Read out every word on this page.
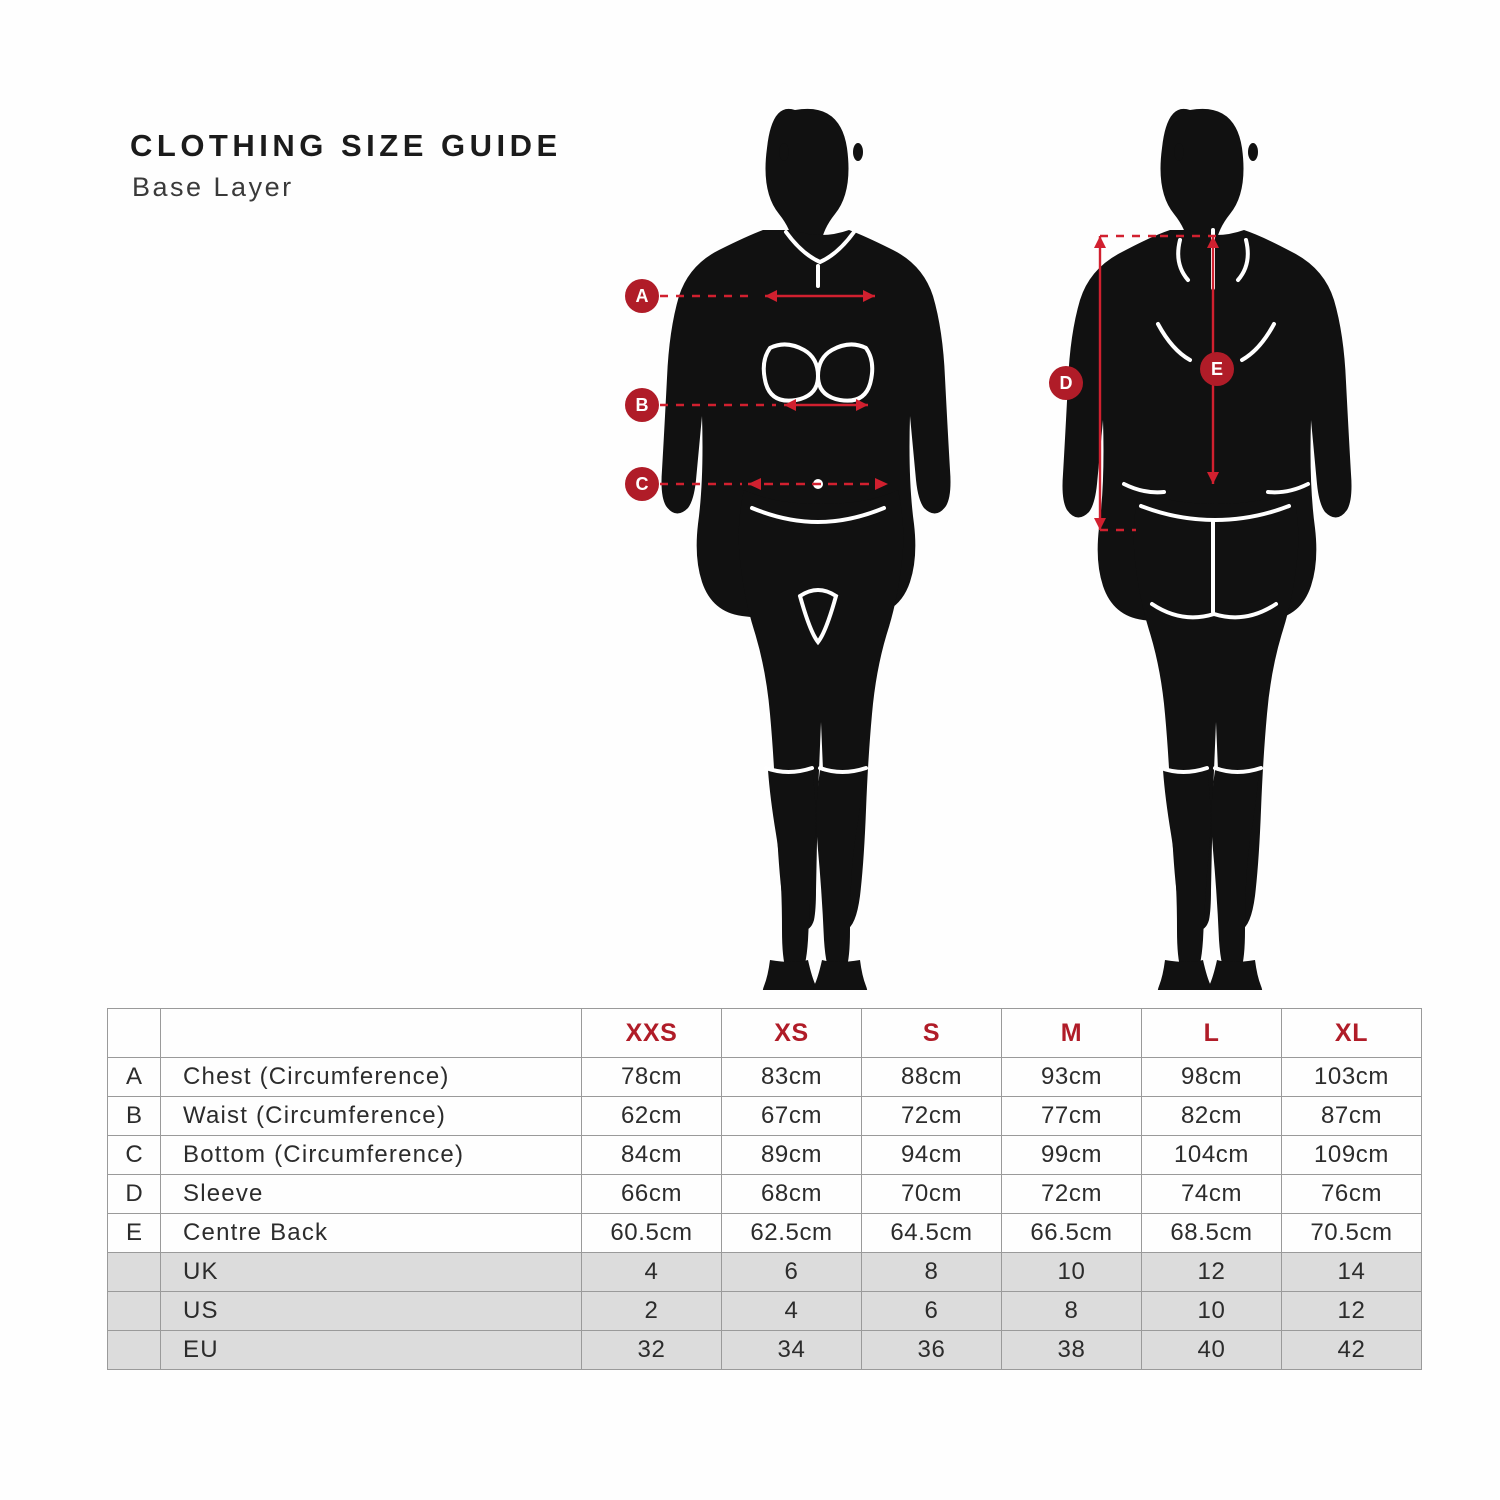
CLOTHING SIZE GUIDE
Base Layer
A
B
C
D
E
		XXS	XS	S	M	L	XL
A	Chest (Circumference)	78cm	83cm	88cm	93cm	98cm	103cm
B	Waist (Circumference)	62cm	67cm	72cm	77cm	82cm	87cm
C	Bottom (Circumference)	84cm	89cm	94cm	99cm	104cm	109cm
D	Sleeve	66cm	68cm	70cm	72cm	74cm	76cm
E	Centre Back	60.5cm	62.5cm	64.5cm	66.5cm	68.5cm	70.5cm
	UK	4	6	8	10	12	14
	US	2	4	6	8	10	12
	EU	32	34	36	38	40	42
